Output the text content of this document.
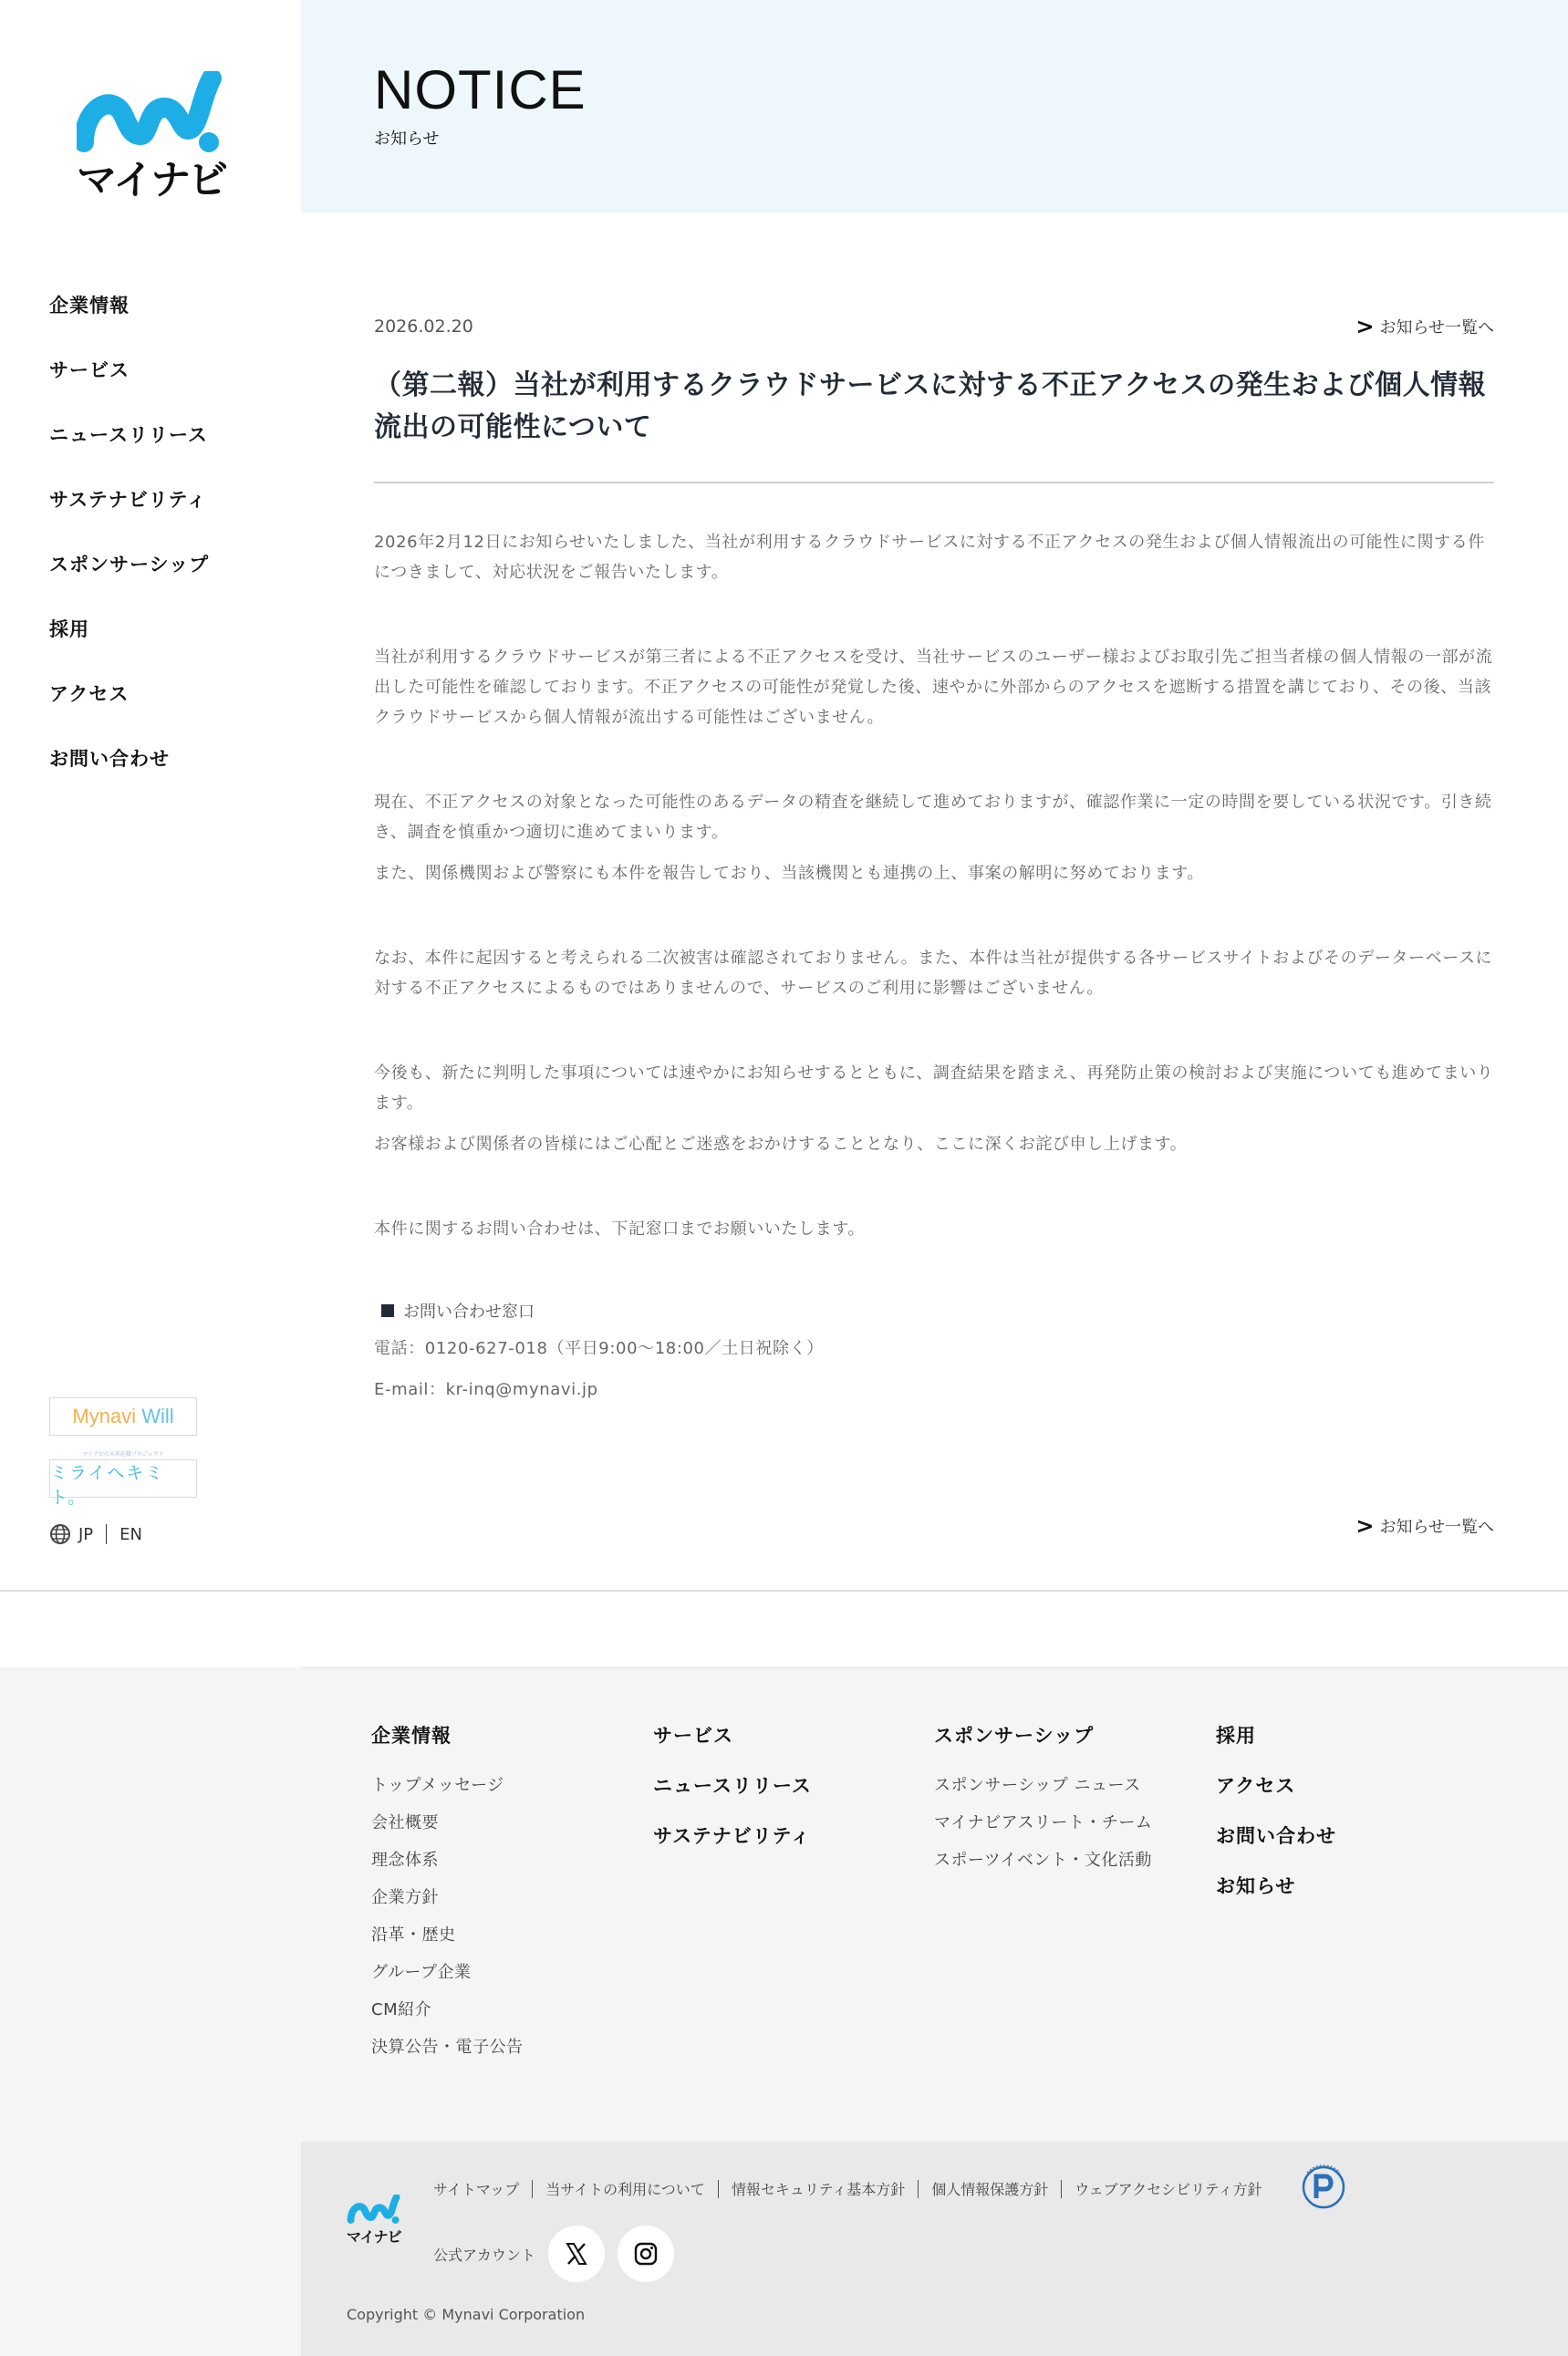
マイナビ
企業情報
サービス
ニュースリリース
サステナビリティ
スポンサーシップ
採用
アクセス
お問い合わせ
Mynavi
Will
マイナビの未来応援プロジェクト
ミライへキミト。
JP EN
NOTICE
お知らせ
2026.02.20	> お知らせ一覧へ
（第二報）当社が利用するクラウドサービスに対する不正アクセスの発生および個人情報流出の可能性について

2026年2月12日にお知らせいたしました、当社が利用するクラウドサービスに対する不正アクセスの発生および個人情報流出の可能性に関する件につきまして、対応状況をご報告いたします。

当社が利用するクラウドサービスが第三者による不正アクセスを受け、当社サービスのユーザー様およびお取引先ご担当者様の個人情報の一部が流出した可能性を確認しております。不正アクセスの可能性が発覚した後、速やかに外部からのアクセスを遮断する措置を講じており、その後、当該クラウドサービスから個人情報が流出する可能性はございません。

現在、不正アクセスの対象となった可能性のあるデータの精査を継続して進めておりますが、確認作業に一定の時間を要している状況です。引き続き、調査を慎重かつ適切に進めてまいります。

また、関係機関および警察にも本件を報告しており、当該機関とも連携の上、事案の解明に努めております。

なお、本件に起因すると考えられる二次被害は確認されておりません。また、本件は当社が提供する各サービスサイトおよびそのデーターベースに対する不正アクセスによるものではありませんので、サービスのご利用に影響はございません。

今後も、新たに判明した事項については速やかにお知らせするとともに、調査結果を踏まえ、再発防止策の検討および実施についても進めてまいります。

お客様および関係者の皆様にはご心配とご迷惑をおかけすることとなり、ここに深くお詫び申し上げます。

本件に関するお問い合わせは、下記窓口までお願いいたします。

お問い合わせ窓口

電話：0120-627-018（平日9:00〜18:00／土日祝除く）

E-mail：kr-inq@mynavi.jp

> お知らせ一覧へ
企業情報
トップメッセージ
会社概要
理念体系
企業方針
沿革・歴史
グループ企業
CM紹介
決算公告・電子公告
サービス
ニュースリリース
サステナビリティ
スポンサーシップ
スポンサーシップ ニュース
マイナビアスリート・チーム
スポーツイベント・文化活動
採用
アクセス
お問い合わせ
お知らせ
マイナビ
サイトマップ	当サイトの利用について	情報セキュリティ基本方針	個人情報保護方針	ウェブアクセシビリティ方針
公式アカウント
Copyright © Mynavi Corporation
